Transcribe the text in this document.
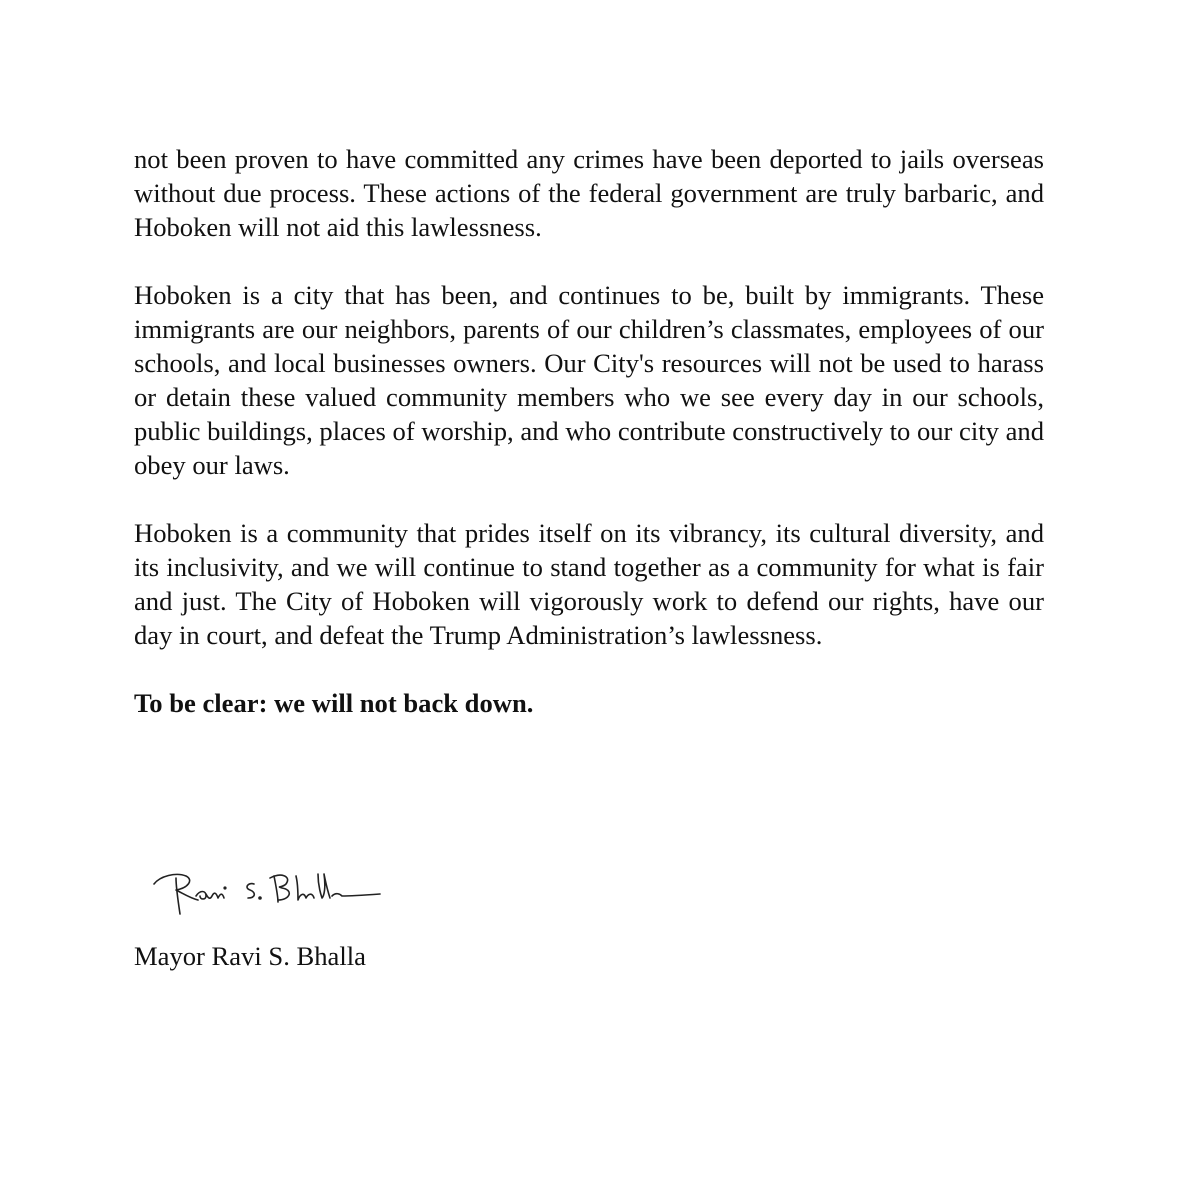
not been proven to have committed any crimes have been deported to jails overseas without due process. These actions of the federal government are truly barbaric, and Hoboken will not aid this lawlessness.

Hoboken is a city that has been, and continues to be, built by immigrants. These immigrants are our neighbors, parents of our children’s classmates, employees of our schools, and local businesses owners. Our City's resources will not be used to harass or detain these valued community members who we see every day in our schools, public buildings, places of worship, and who contribute constructively to our city and obey our laws.

Hoboken is a community that prides itself on its vibrancy, its cultural diversity, and its inclusivity, and we will continue to stand together as a community for what is fair and just. The City of Hoboken will vigorously work to defend our rights, have our day in court, and defeat the Trump Administration’s lawlessness.

To be clear: we will not back down.

Mayor Ravi S. Bhalla
